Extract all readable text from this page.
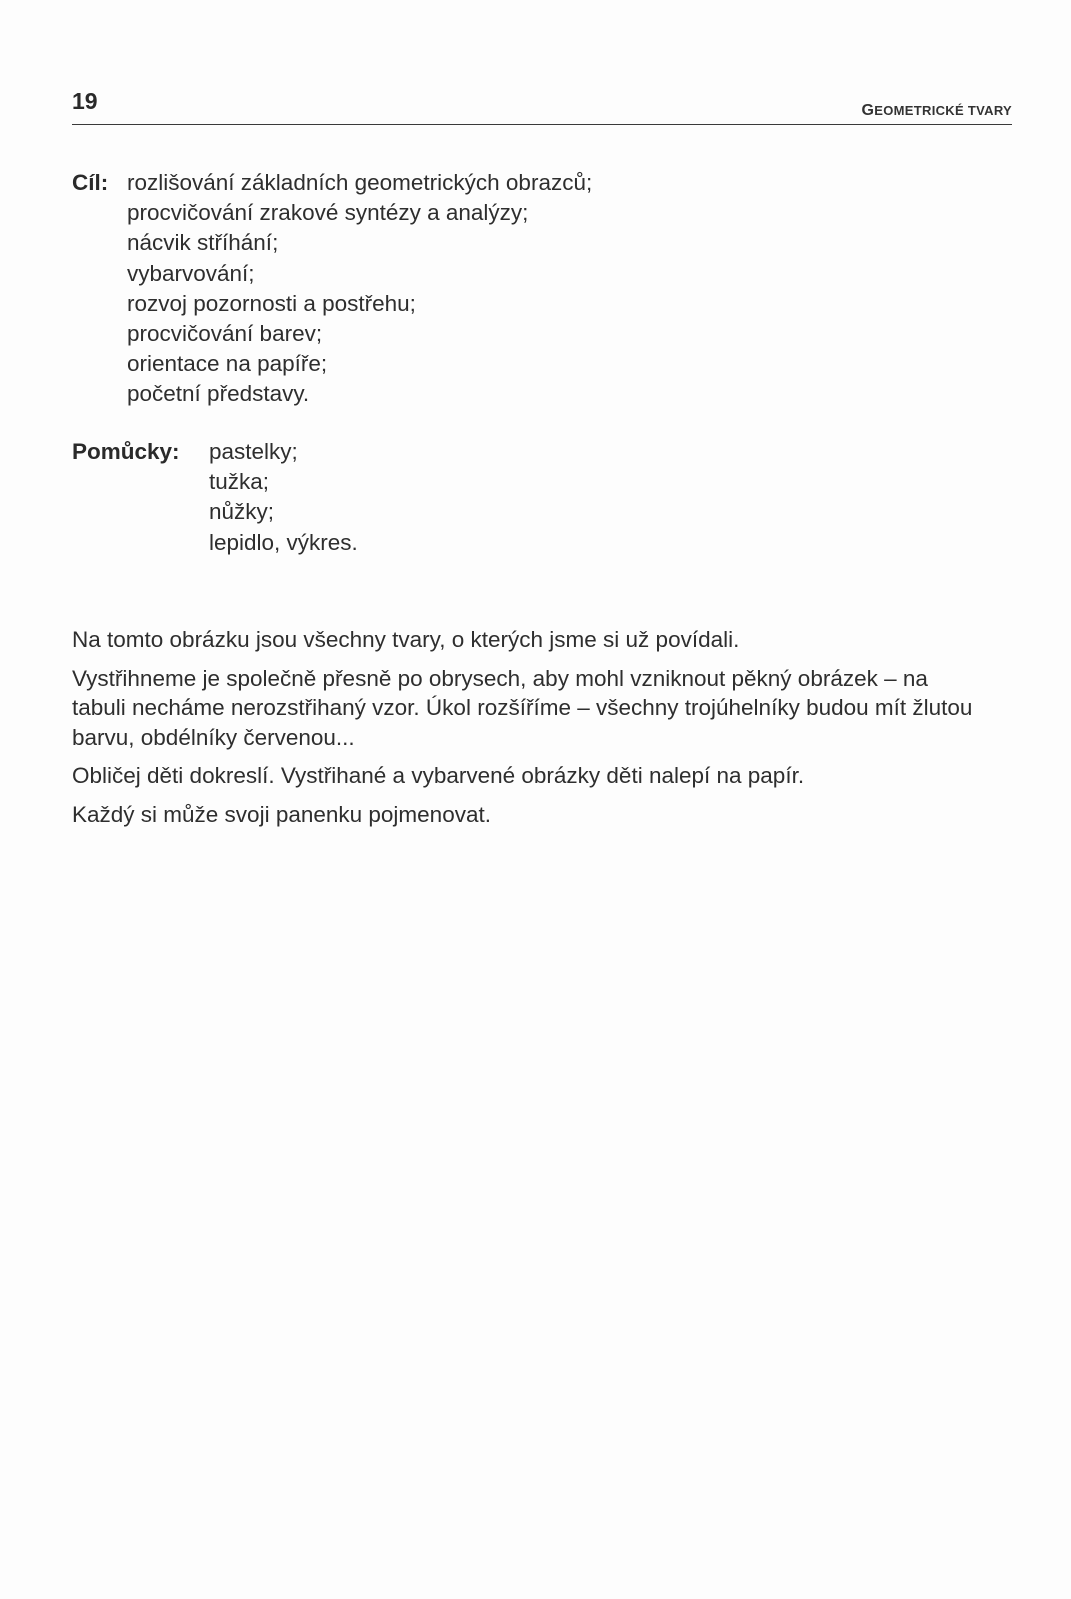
19	GEOMETRICKÉ TVARY
Cíl: rozlišování základních geometrických obrazců;
procvičování zrakové syntézy a analýzy;
nácvik stříhání;
vybarvování;
rozvoj pozornosti a postřehu;
procvičování barev;
orientace na papíře;
početní představy.
Pomůcky: pastelky;
tužka;
nůžky;
lepidlo, výkres.

Na tomto obrázku jsou všechny tvary, o kterých jsme si už povídali.

Vystřihneme je společně přesně po obrysech, aby mohl vzniknout pěkný obrázek – na tabuli necháme nerozstřihaný vzor. Úkol rozšíříme – všechny trojúhelníky budou mít žlutou barvu, obdélníky červenou...

Obličej děti dokreslí. Vystřihané a vybarvené obrázky děti nalepí na papír.

Každý si může svoji panenku pojmenovat.
